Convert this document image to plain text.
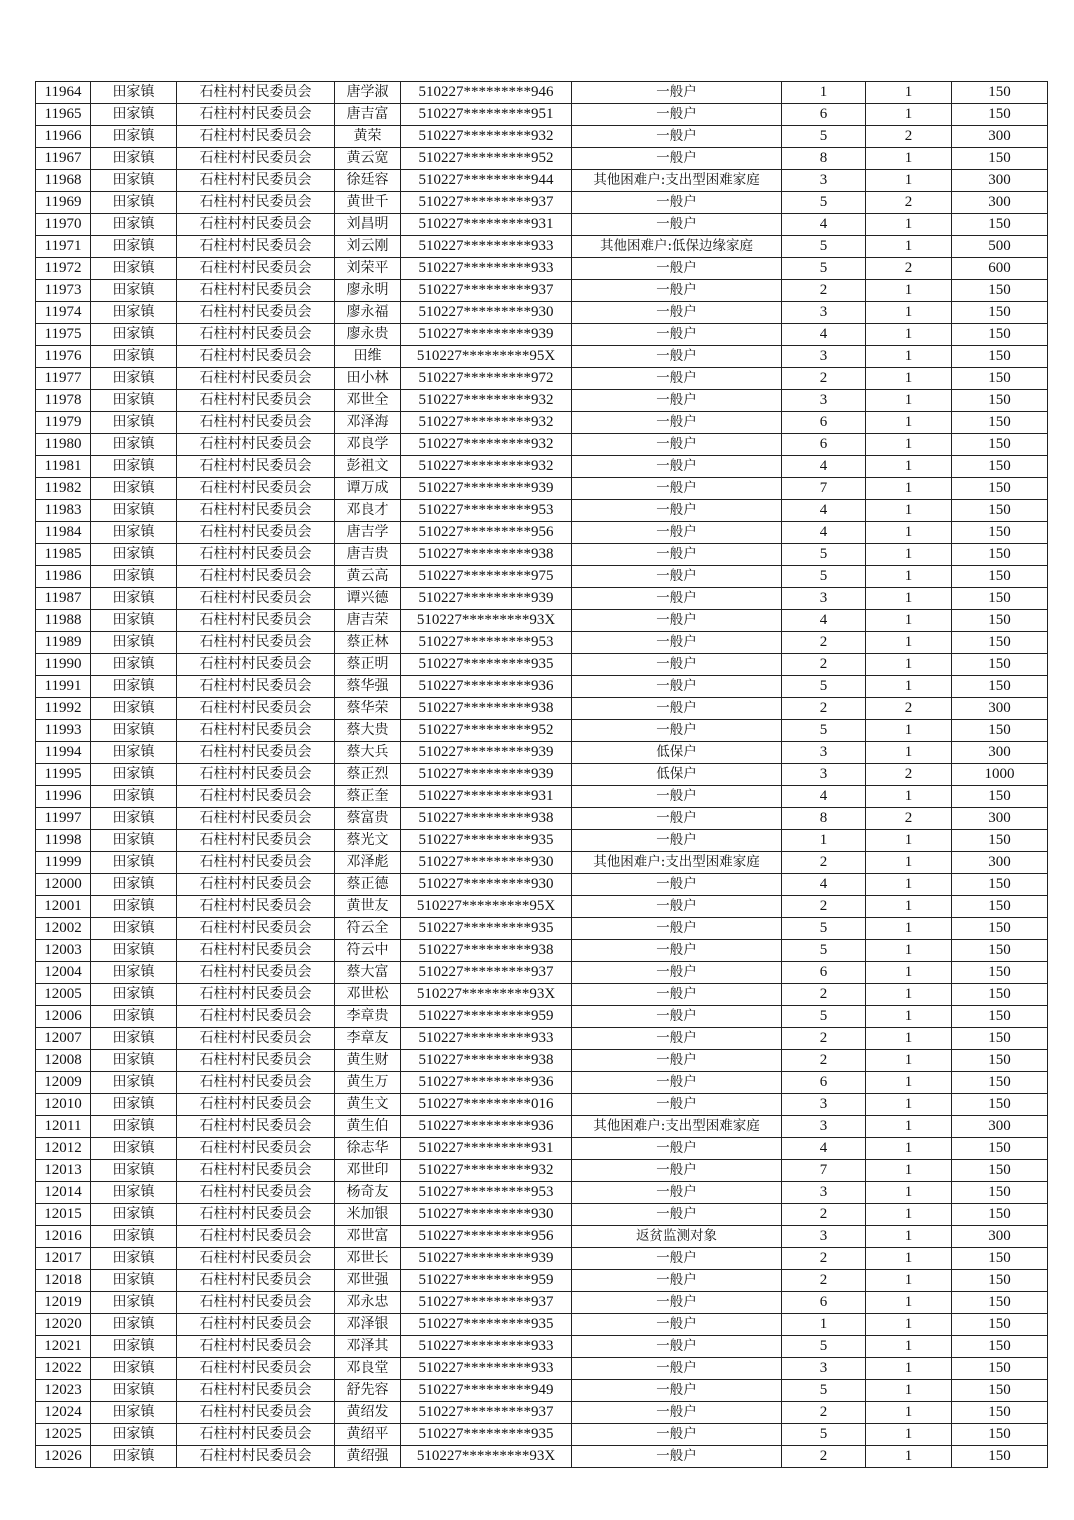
11964	田家镇	石柱村村民委员会	唐学淑	510227*********946	一般户	1	1	150
11965	田家镇	石柱村村民委员会	唐吉富	510227*********951	一般户	6	1	150
11966	田家镇	石柱村村民委员会	黄荣	510227*********932	一般户	5	2	300
11967	田家镇	石柱村村民委员会	黄云宽	510227*********952	一般户	8	1	150
11968	田家镇	石柱村村民委员会	徐廷容	510227*********944	其他困难户:支出型困难家庭	3	1	300
11969	田家镇	石柱村村民委员会	黄世千	510227*********937	一般户	5	2	300
11970	田家镇	石柱村村民委员会	刘昌明	510227*********931	一般户	4	1	150
11971	田家镇	石柱村村民委员会	刘云刚	510227*********933	其他困难户:低保边缘家庭	5	1	500
11972	田家镇	石柱村村民委员会	刘荣平	510227*********933	一般户	5	2	600
11973	田家镇	石柱村村民委员会	廖永明	510227*********937	一般户	2	1	150
11974	田家镇	石柱村村民委员会	廖永福	510227*********930	一般户	3	1	150
11975	田家镇	石柱村村民委员会	廖永贵	510227*********939	一般户	4	1	150
11976	田家镇	石柱村村民委员会	田维	510227*********95X	一般户	3	1	150
11977	田家镇	石柱村村民委员会	田小林	510227*********972	一般户	2	1	150
11978	田家镇	石柱村村民委员会	邓世全	510227*********932	一般户	3	1	150
11979	田家镇	石柱村村民委员会	邓泽海	510227*********932	一般户	6	1	150
11980	田家镇	石柱村村民委员会	邓良学	510227*********932	一般户	6	1	150
11981	田家镇	石柱村村民委员会	彭祖文	510227*********932	一般户	4	1	150
11982	田家镇	石柱村村民委员会	谭万成	510227*********939	一般户	7	1	150
11983	田家镇	石柱村村民委员会	邓良才	510227*********953	一般户	4	1	150
11984	田家镇	石柱村村民委员会	唐吉学	510227*********956	一般户	4	1	150
11985	田家镇	石柱村村民委员会	唐吉贵	510227*********938	一般户	5	1	150
11986	田家镇	石柱村村民委员会	黄云高	510227*********975	一般户	5	1	150
11987	田家镇	石柱村村民委员会	谭兴德	510227*********939	一般户	3	1	150
11988	田家镇	石柱村村民委员会	唐吉荣	510227*********93X	一般户	4	1	150
11989	田家镇	石柱村村民委员会	蔡正林	510227*********953	一般户	2	1	150
11990	田家镇	石柱村村民委员会	蔡正明	510227*********935	一般户	2	1	150
11991	田家镇	石柱村村民委员会	蔡华强	510227*********936	一般户	5	1	150
11992	田家镇	石柱村村民委员会	蔡华荣	510227*********938	一般户	2	2	300
11993	田家镇	石柱村村民委员会	蔡大贵	510227*********952	一般户	5	1	150
11994	田家镇	石柱村村民委员会	蔡大兵	510227*********939	低保户	3	1	300
11995	田家镇	石柱村村民委员会	蔡正烈	510227*********939	低保户	3	2	1000
11996	田家镇	石柱村村民委员会	蔡正奎	510227*********931	一般户	4	1	150
11997	田家镇	石柱村村民委员会	蔡富贵	510227*********938	一般户	8	2	300
11998	田家镇	石柱村村民委员会	蔡光文	510227*********935	一般户	1	1	150
11999	田家镇	石柱村村民委员会	邓泽彪	510227*********930	其他困难户:支出型困难家庭	2	1	300
12000	田家镇	石柱村村民委员会	蔡正德	510227*********930	一般户	4	1	150
12001	田家镇	石柱村村民委员会	黄世友	510227*********95X	一般户	2	1	150
12002	田家镇	石柱村村民委员会	符云全	510227*********935	一般户	5	1	150
12003	田家镇	石柱村村民委员会	符云中	510227*********938	一般户	5	1	150
12004	田家镇	石柱村村民委员会	蔡大富	510227*********937	一般户	6	1	150
12005	田家镇	石柱村村民委员会	邓世松	510227*********93X	一般户	2	1	150
12006	田家镇	石柱村村民委员会	李章贵	510227*********959	一般户	5	1	150
12007	田家镇	石柱村村民委员会	李章友	510227*********933	一般户	2	1	150
12008	田家镇	石柱村村民委员会	黄生财	510227*********938	一般户	2	1	150
12009	田家镇	石柱村村民委员会	黄生万	510227*********936	一般户	6	1	150
12010	田家镇	石柱村村民委员会	黄生文	510227*********016	一般户	3	1	150
12011	田家镇	石柱村村民委员会	黄生伯	510227*********936	其他困难户:支出型困难家庭	3	1	300
12012	田家镇	石柱村村民委员会	徐志华	510227*********931	一般户	4	1	150
12013	田家镇	石柱村村民委员会	邓世印	510227*********932	一般户	7	1	150
12014	田家镇	石柱村村民委员会	杨奇友	510227*********953	一般户	3	1	150
12015	田家镇	石柱村村民委员会	米加银	510227*********930	一般户	2	1	150
12016	田家镇	石柱村村民委员会	邓世富	510227*********956	返贫监测对象	3	1	300
12017	田家镇	石柱村村民委员会	邓世长	510227*********939	一般户	2	1	150
12018	田家镇	石柱村村民委员会	邓世强	510227*********959	一般户	2	1	150
12019	田家镇	石柱村村民委员会	邓永忠	510227*********937	一般户	6	1	150
12020	田家镇	石柱村村民委员会	邓泽银	510227*********935	一般户	1	1	150
12021	田家镇	石柱村村民委员会	邓泽其	510227*********933	一般户	5	1	150
12022	田家镇	石柱村村民委员会	邓良堂	510227*********933	一般户	3	1	150
12023	田家镇	石柱村村民委员会	舒先容	510227*********949	一般户	5	1	150
12024	田家镇	石柱村村民委员会	黄绍发	510227*********937	一般户	2	1	150
12025	田家镇	石柱村村民委员会	黄绍平	510227*********935	一般户	5	1	150
12026	田家镇	石柱村村民委员会	黄绍强	510227*********93X	一般户	2	1	150
